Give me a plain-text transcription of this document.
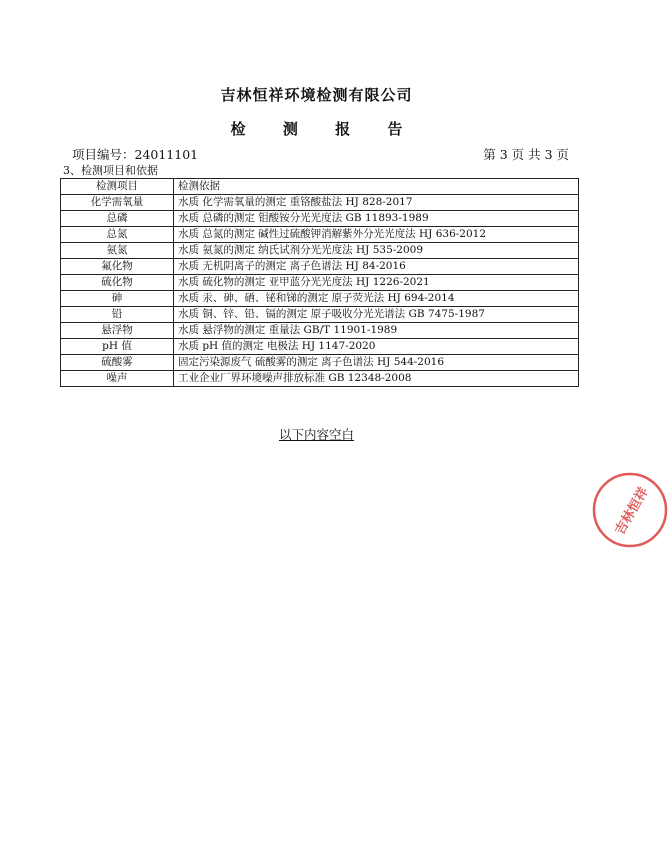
吉林恒祥环境检测有限公司
检 测 报 告
项目编号：24011101	第 3 页 共 3 页
3、检测项目和依据
检测项目	检测依据
化学需氧量	水质 化学需氧量的测定 重铬酸盐法 HJ 828-2017
总磷	水质 总磷的测定 钼酸铵分光光度法 GB 11893-1989
总氮	水质 总氮的测定 碱性过硫酸钾消解紫外分光光度法 HJ 636-2012
氨氮	水质 氨氮的测定 纳氏试剂分光光度法 HJ 535-2009
氟化物	水质 无机阴离子的测定 离子色谱法 HJ 84-2016
硫化物	水质 硫化物的测定 亚甲蓝分光光度法 HJ 1226-2021
砷	水质 汞、砷、硒、铋和锑的测定 原子荧光法 HJ 694-2014
铅	水质 铜、锌、铅、镉的测定 原子吸收分光光谱法 GB 7475-1987
悬浮物	水质 悬浮物的测定 重量法 GB/T 11901-1989
pH 值	水质 pH 值的测定 电极法 HJ 1147-2020
硫酸雾	固定污染源废气 硫酸雾的测定 离子色谱法 HJ 544-2016
噪声	工业企业厂界环境噪声排放标准 GB 12348-2008
以下内容空白
吉林恒祥
